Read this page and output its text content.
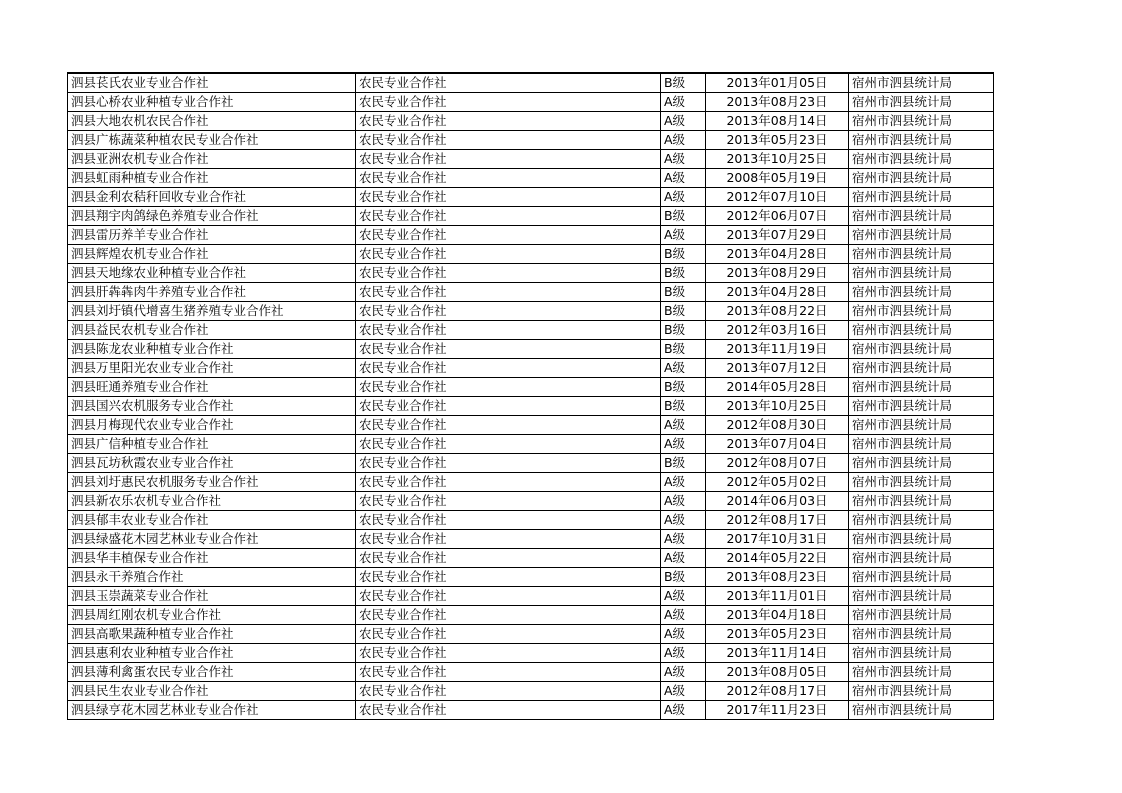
泗县苌氏农业专业合作社	农民专业合作社	B级	2013年01月05日	宿州市泗县统计局
泗县心桥农业种植专业合作社	农民专业合作社	A级	2013年08月23日	宿州市泗县统计局
泗县大地农机农民合作社	农民专业合作社	A级	2013年08月14日	宿州市泗县统计局
泗县广栋蔬菜种植农民专业合作社	农民专业合作社	A级	2013年05月23日	宿州市泗县统计局
泗县亚洲农机专业合作社	农民专业合作社	A级	2013年10月25日	宿州市泗县统计局
泗县虹雨种植专业合作社	农民专业合作社	A级	2008年05月19日	宿州市泗县统计局
泗县金利农秸秆回收专业合作社	农民专业合作社	A级	2012年07月10日	宿州市泗县统计局
泗县翔宇肉鸽绿色养殖专业合作社	农民专业合作社	B级	2012年06月07日	宿州市泗县统计局
泗县雷历养羊专业合作社	农民专业合作社	A级	2013年07月29日	宿州市泗县统计局
泗县辉煌农机专业合作社	农民专业合作社	B级	2013年04月28日	宿州市泗县统计局
泗县天地缘农业种植专业合作社	农民专业合作社	B级	2013年08月29日	宿州市泗县统计局
泗县肝犇犇肉牛养殖专业合作社	农民专业合作社	B级	2013年04月28日	宿州市泗县统计局
泗县刘圩镇代增喜生猪养殖专业合作社	农民专业合作社	B级	2013年08月22日	宿州市泗县统计局
泗县益民农机专业合作社	农民专业合作社	B级	2012年03月16日	宿州市泗县统计局
泗县陈龙农业种植专业合作社	农民专业合作社	B级	2013年11月19日	宿州市泗县统计局
泗县万里阳光农业专业合作社	农民专业合作社	A级	2013年07月12日	宿州市泗县统计局
泗县旺通养殖专业合作社	农民专业合作社	B级	2014年05月28日	宿州市泗县统计局
泗县国兴农机服务专业合作社	农民专业合作社	B级	2013年10月25日	宿州市泗县统计局
泗县月梅现代农业专业合作社	农民专业合作社	A级	2012年08月30日	宿州市泗县统计局
泗县广信种植专业合作社	农民专业合作社	A级	2013年07月04日	宿州市泗县统计局
泗县瓦坊秋霞农业专业合作社	农民专业合作社	B级	2012年08月07日	宿州市泗县统计局
泗县刘圩惠民农机服务专业合作社	农民专业合作社	A级	2012年05月02日	宿州市泗县统计局
泗县新农乐农机专业合作社	农民专业合作社	A级	2014年06月03日	宿州市泗县统计局
泗县郁丰农业专业合作社	农民专业合作社	A级	2012年08月17日	宿州市泗县统计局
泗县绿盛花木园艺林业专业合作社	农民专业合作社	A级	2017年10月31日	宿州市泗县统计局
泗县华丰植保专业合作社	农民专业合作社	A级	2014年05月22日	宿州市泗县统计局
泗县永干养殖合作社	农民专业合作社	B级	2013年08月23日	宿州市泗县统计局
泗县玉崇蔬菜专业合作社	农民专业合作社	A级	2013年11月01日	宿州市泗县统计局
泗县周红刚农机专业合作社	农民专业合作社	A级	2013年04月18日	宿州市泗县统计局
泗县高歌果蔬种植专业合作社	农民专业合作社	A级	2013年05月23日	宿州市泗县统计局
泗县惠利农业种植专业合作社	农民专业合作社	A级	2013年11月14日	宿州市泗县统计局
泗县薄利禽蛋农民专业合作社	农民专业合作社	A级	2013年08月05日	宿州市泗县统计局
泗县民生农业专业合作社	农民专业合作社	A级	2012年08月17日	宿州市泗县统计局
泗县绿亨花木园艺林业专业合作社	农民专业合作社	A级	2017年11月23日	宿州市泗县统计局
